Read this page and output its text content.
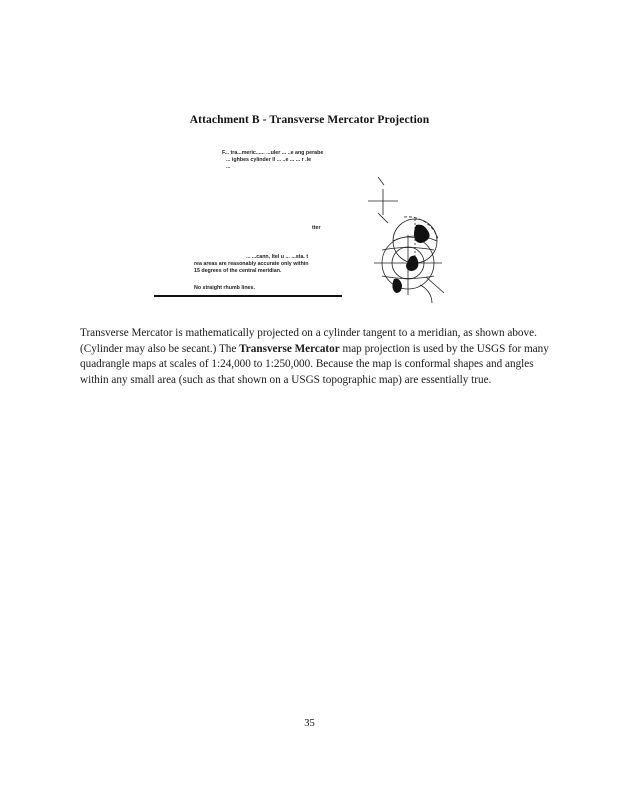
Attachment B - Transverse Mercator Projection
F... tra...meric...... ...uler ... ..e ang perabe
... ighbes cylinder ll ... ..e ... ... r .le
...
tter
... ...cann, ltel u ... ...sta. t
rea areas are reasonably accurate only within
15 degrees of the central meridian.
No straight rhumb lines.
Transverse Mercator is mathematically projected on a cylinder tangent to a meridian, as shown above. (Cylinder may also be secant.) The Transverse Mercator map projection is used by the USGS for many quadrangle maps at scales of 1:24,000 to 1:250,000. Because the map is conformal shapes and angles within any small area (such as that shown on a USGS topographic map) are essentially true.
35
